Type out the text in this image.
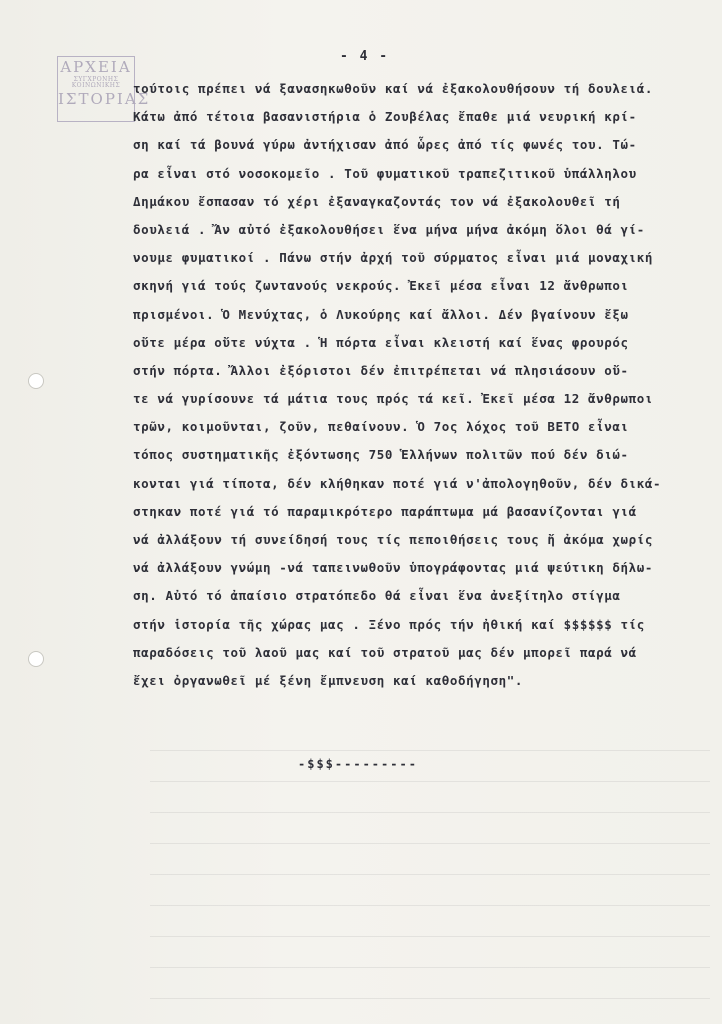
ΑΡΧΕΙΑ
ΣΥΓΧΡΟΝΗΣ
ΚΟΙΝΩΝΙΚΗΣ
ΙΣΤΟΡΙΑΣ
- 4 -
τούτοις πρέπει νά ξανασηκωθοῦν καί νά ἐξακολουθήσουν τή δουλειά.
Κάτω ἀπό τέτοια βασανιστήρια ὁ Ζουβέλας ἔπαθε μιά νευρική κρί-
ση καί τά βουνά γύρω ἀντήχισαν ἀπό ὧρες ἀπό τίς φωνές του. Τώ-
ρα εἶναι στό νοσοκομεῖο . Τοῦ φυματικοῦ τραπεζιτικοῦ ὑπάλληλου
Δημάκου ἔσπασαν τό χέρι ἐξαναγκαζοντάς τον νά ἐξακολουθεῖ τή
δουλειά . Ἄν αὐτό ἐξακολουθήσει ἕνα μήνα μήνα ἀκόμη ὅλοι θά γί-
νουμε φυματικοί . Πάνω στήν ἀρχή τοῦ σύρματος εἶναι μιά μοναχική
σκηνή γιά τούς ζωντανούς νεκρούς. Ἐκεῖ μέσα εἶναι 12 ἄνθρωποι
πρισμένοι. Ὁ Μενύχτας, ὁ Λυκούρης καί ἄλλοι. Δέν βγαίνουν ἔξω
οὔτε μέρα οὔτε νύχτα . Ἡ πόρτα εἶναι κλειστή καί ἕνας φρουρός
στήν πόρτα. Ἄλλοι ἐξόριστοι δέν ἐπιτρέπεται νά πλησιάσουν οὔ-
τε νά γυρίσουνε τά μάτια τους πρός τά κεῖ. Ἐκεῖ μέσα 12 ἄνθρωποι
τρῶν, κοιμοῦνται, ζοῦν, πεθαίνουν. Ὁ 7ος λόχος τοῦ ΒΕΤΟ εἶναι
τόπος συστηματικῆς ἐξόντωσης 750 Ἑλλήνων πολιτῶν πού δέν διώ-
κονται γιά τίποτα, δέν κλήθηκαν ποτέ γιά ν'ἀπολογηθοῦν, δέν δικά-
στηκαν ποτέ γιά τό παραμικρότερο παράπτωμα μά βασανίζονται γιά
νά ἀλλάξουν τή συνείδησή τους τίς πεποιθήσεις τους ἤ ἀκόμα χωρίς
νά ἀλλάξουν γνώμη -νά ταπεινωθοῦν ὑπογράφοντας μιά ψεύτικη δήλω-
ση. Αὐτό τό ἀπαίσιο στρατόπεδο θά εἶναι ἕνα ἀνεξίτηλο στίγμα
στήν ἱστορία τῆς χώρας μας . Ξένο πρός τήν ἠθική καί $$$$$$ τίς
παραδόσεις τοῦ λαοῦ μας καί τοῦ στρατοῦ μας δέν μπορεῖ παρά νά
ἔχει ὀργανωθεῖ μέ ξένη ἔμπνευση καί καθοδήγηση".
-$$$---------
